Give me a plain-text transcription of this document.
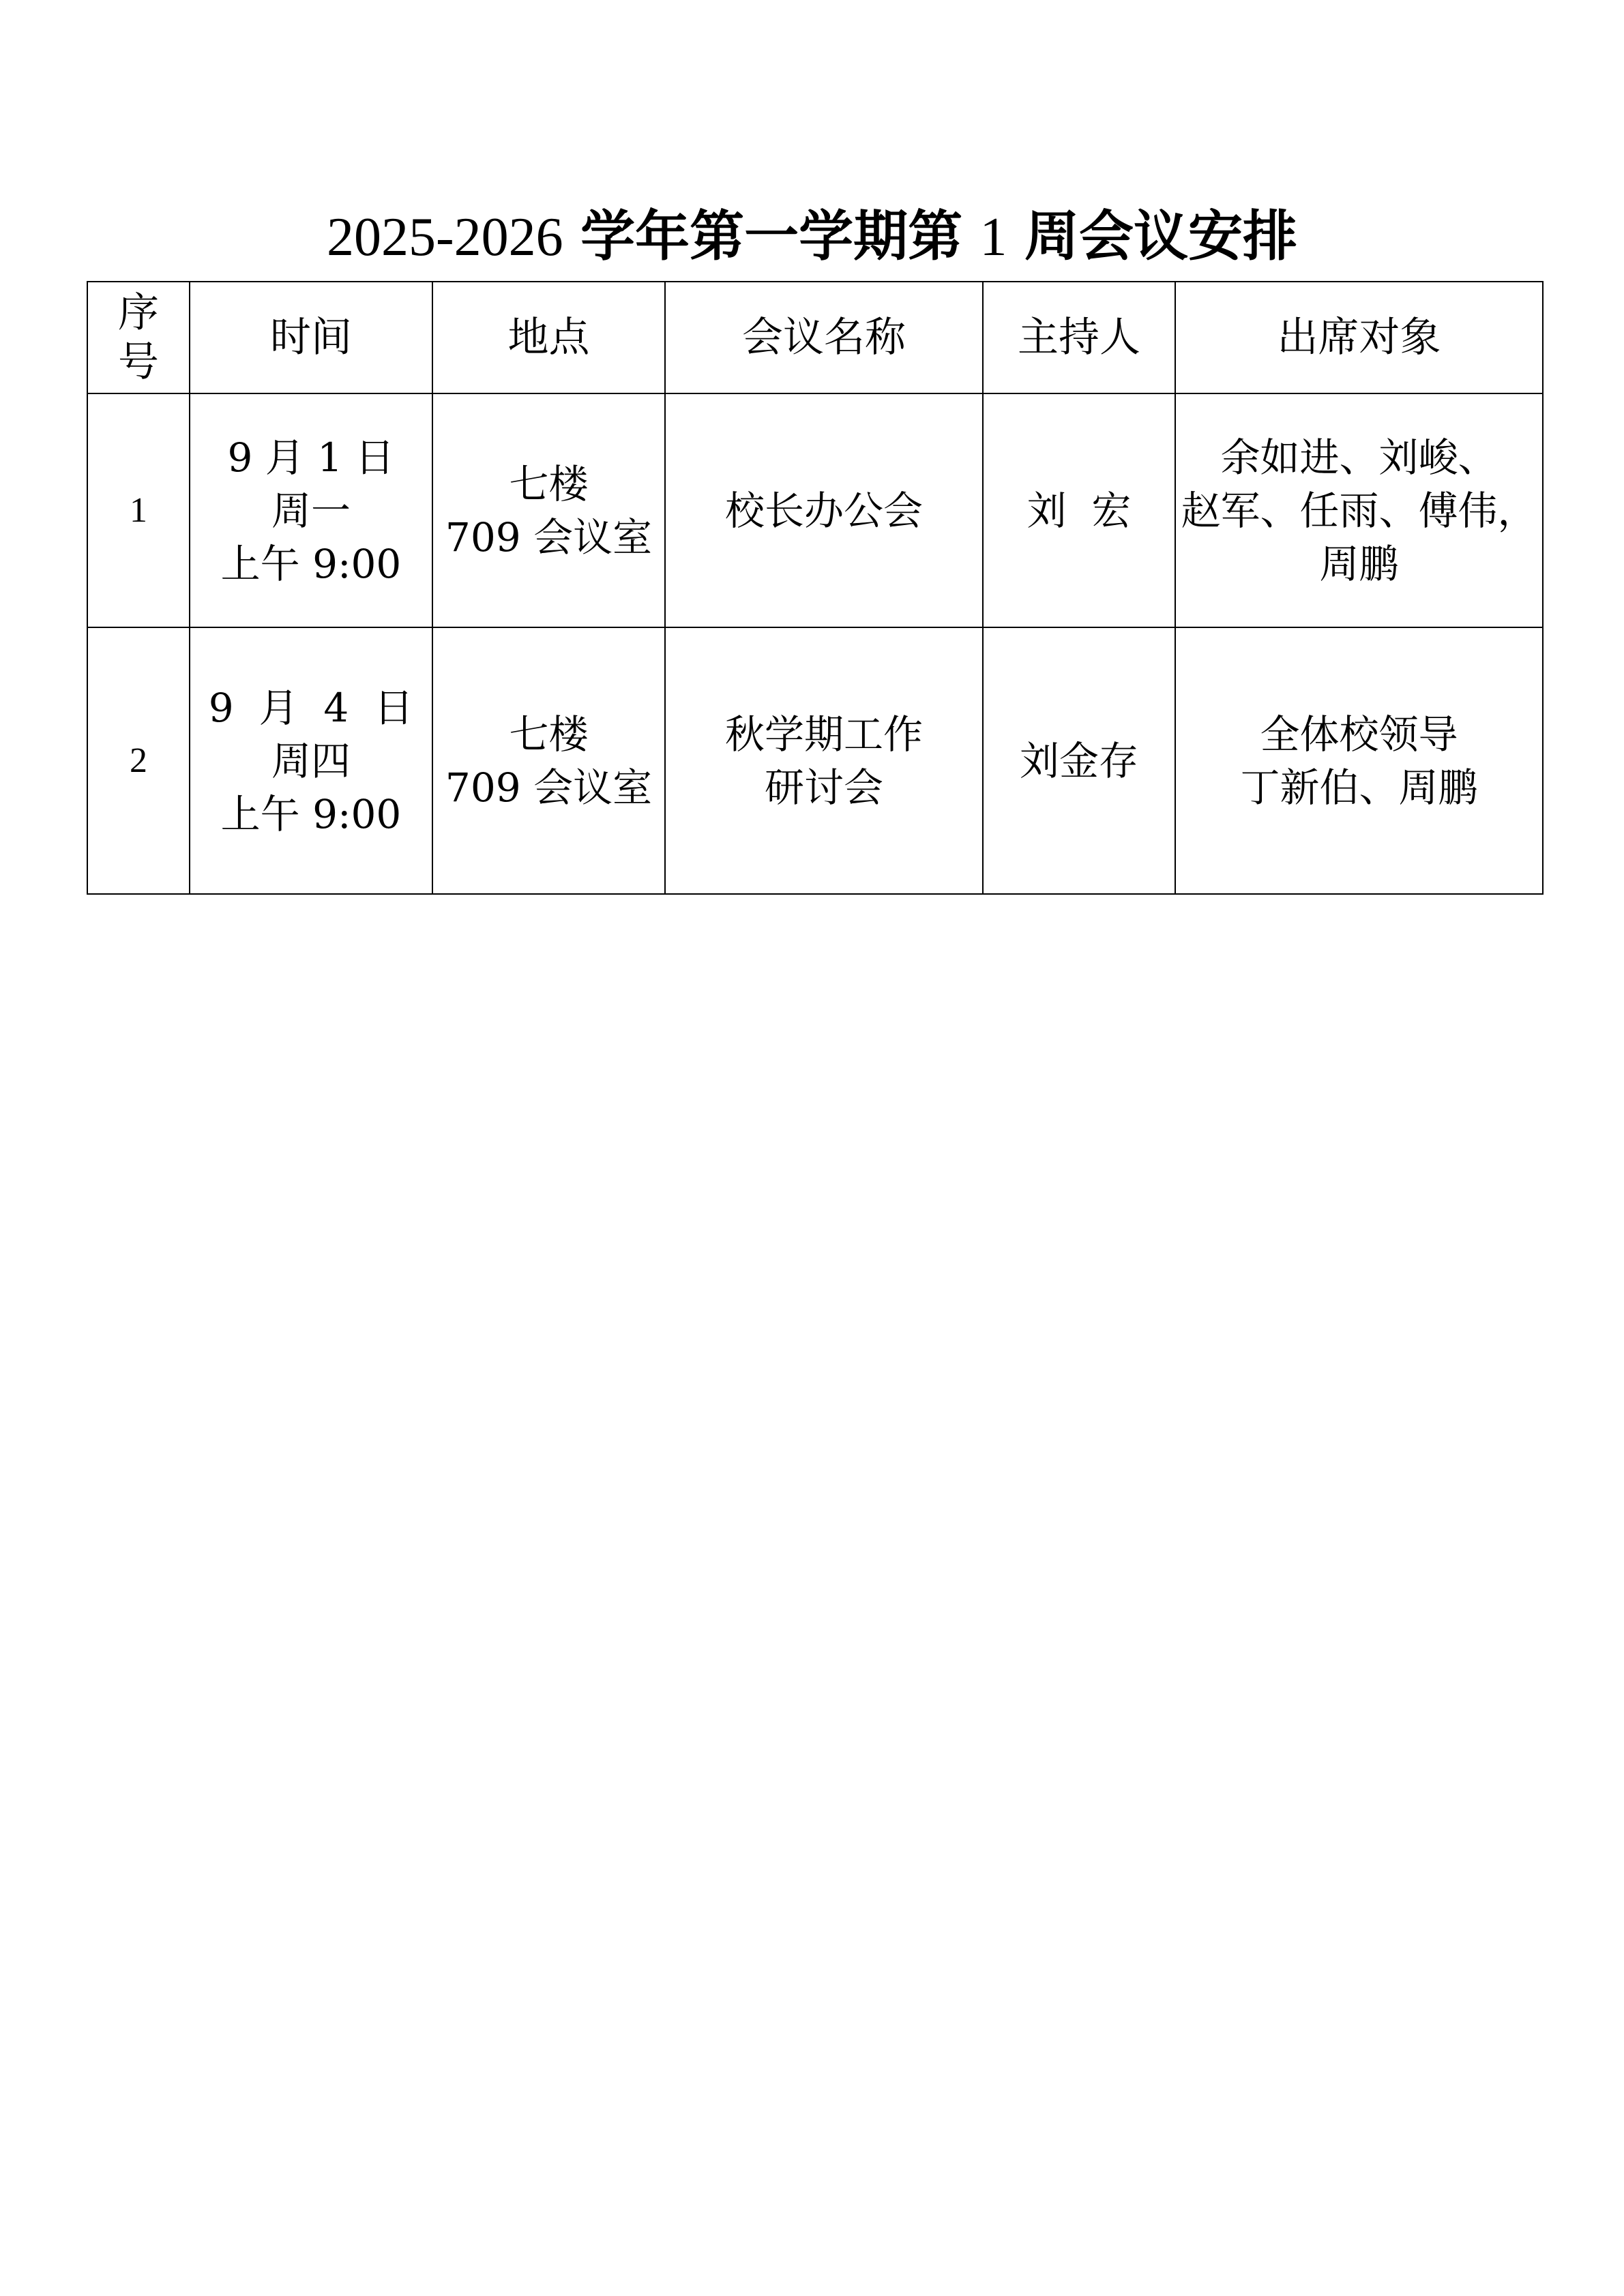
2025-2026 学年第一学期第 1 周会议安排
序
号	时间	地点	会议名称	主持人	出席对象
1	9 月 1 日
周一
上午 9:00	七楼
709 会议室	校长办公会	刘  宏	余如进、刘峻、
赵军、任雨、傅伟，
周鹏

2	9  月  4  日
周四
上午 9:00	七楼
709 会议室	秋学期工作
研讨会	刘金存	全体校领导
丁新伯、周鹏
